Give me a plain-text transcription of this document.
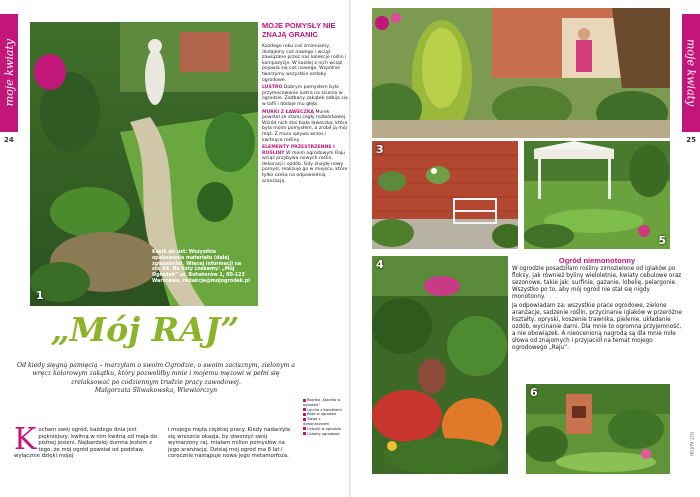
moje kwiaty
24
1
Kącik do ust: Wszystkie opakowania materiału (dalej zgłoszenie). Więcej informacji na str. 64. Na listy czekamy: „Mój Ogródek” ul. Bohaterów 1, 00-123 Warszawa, redakcja@mojogrodek.pl
MOJE POMYSŁY NIE ZNAJĄ GRANIC

Każdego roku coś zmieniamy, dodajemy coś nowego i wciąż zawiązane przez nas kolekcje roślin i kompozycje. W każdej z nich wciąż pojawia się coś nowego. Wspólnie tworzymy wszystkie ozdoby ogrodowe.

LUSTRO Dobrym pomysłem było przymocowanie lustra na ścianie w ogrodzie. Zadbany zakątek odbija się w tafli i dodaje mu głębi.

MURKI Z ŁAWECZKĄ Murek powstał ze starej cegły rozbiórkowej. Wśród nich stoi biała ławeczka, która była moim pomysłem, a zrobił ją mój mąż. Z muru spływa wrzos i kwitnące rośliny.

ELEMENTY PRZESTRZENNE I ROŚLINY W moim ogrodowym Raju wciąż przybywa nowych roślin, dekoracji i ozdób. Gdy znajdę nowy pomysł, realizuję go w miejscu, które tylko czeka na odpowiednią aranżację.

„Mój RAJ”
Od kiedy sięgną pamięcią – marzyłam o swoim Ogrodzie, o swoim zacisznym, zielonym a wręcz kolorowym zakątku, który pozwoliłby mnie i mojemu mężowi w pełni się zrelaksować po codziennym trudzie pracy zawodowej.
Małgorzata Śliwakowska, Wiewiórczyn
Kocham swój ogród, każdego dnia jest piękniejszy, kwitną w nim kwitną od maja do późnej jesieni. Najbardziej dumna jestem z tego, że mój ogród powstał od podstaw, wyłącznie dzięki mojej
i mojego męża ciężkiej pracy. Kiedy nadarzyła się wreszcie okazja, by stworzyć swój wymarzony raj, miałam milion pomysłów na jego aranżację. Dzisiaj mój ogród ma 8 lat i corocznie nastąpuje nowa jego metamorfoza.
Rozdka „Kobieta w ogrodzie”
Laurka z kwiatkami
Róże w ogrodzie
Trawa z dzwoneczkami
Cebulki w ogrodzie
Ozdoby ogrodowe
moje kwiaty
25
3
5
4	Ogród niemonotonny

W ogrodzie posadziłam rośliny zimozielone od iglaków po floksy, jak również byliny wieloletnie, kwiaty cebulowe oraz sezonowe, takie jak: surfinie, gazanie, lobelię, pelargonie. Wszystko po to, aby mój ogród nie stał się nigdy monotonny.

Ja odpowiadam za: wszystkie prace ogrodowe, zielone aranżacje, sadzenie roślin, przycinanie iglaków w przeróżne kształty, opryski, koszenie trawnika, pielenie, układanie ozdób, wycinanie darni. Dla mnie to ogromna przyjemność, a nie obowiązek. A nieocenioną nagrodą są dla mnie miłe słowa od znajomych i przyjaciół na temat mojego ogrodowego „Raju”.

6
FOT. AUTOR
